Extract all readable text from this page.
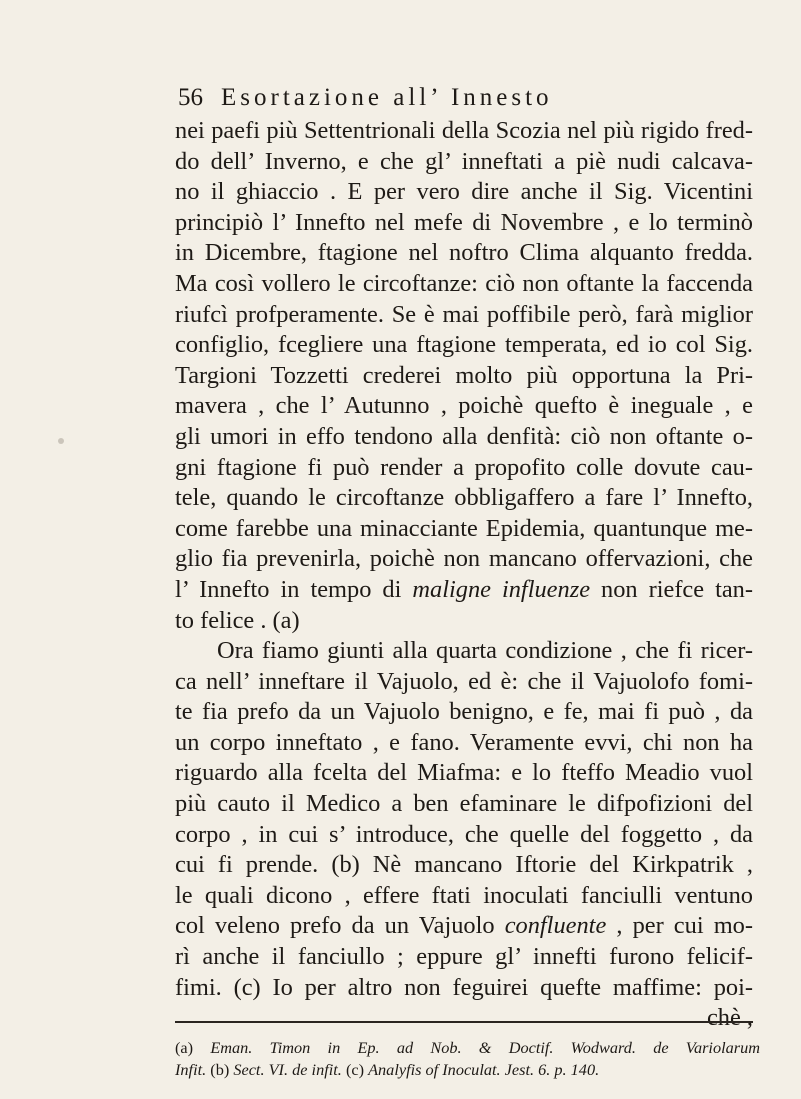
56 Esortazione all’ Innesto
nei paefi più Settentrionali della Scozia nel più rigido fred-
do dell’ Inverno, e che gl’ inneftati a piè nudi calcava-
no il ghiaccio . E per vero dire anche il Sig. Vicentini
principiò l’ Innefto nel mefe di Novembre , e lo terminò
in Dicembre, ftagione nel noftro Clima alquanto fredda.
Ma così vollero le circoftanze: ciò non oftante la faccenda
riufcì profperamente. Se è mai poffibile però, farà miglior
configlio, fcegliere una ftagione temperata, ed io col Sig.
Targioni Tozzetti crederei molto più opportuna la Pri-
mavera , che l’ Autunno , poichè quefto è ineguale , e
gli umori in effo tendono alla denfità: ciò non oftante o-
gni ftagione fi può render a propofito colle dovute cau-
tele, quando le circoftanze obbligaffero a fare l’ Innefto,
come farebbe una minacciante Epidemia, quantunque me-
glio fia prevenirla, poichè non mancano offervazioni, che
l’ Innefto in tempo di maligne influenze non riefce tan-
to felice . (a)
Ora fiamo giunti alla quarta condizione , che fi ricer-
ca nell’ inneftare il Vajuolo, ed è: che il Vajuolofo fomi-
te fia prefo da un Vajuolo benigno, e fe, mai fi può , da
un corpo inneftato , e fano. Veramente evvi, chi non ha
riguardo alla fcelta del Miafma: e lo fteffo Meadio vuol
più cauto il Medico a ben efaminare le difpofizioni del
corpo , in cui s’ introduce, che quelle del foggetto , da
cui fi prende. (b) Nè mancano Iftorie del Kirkpatrik ,
le quali dicono , effere ftati inoculati fanciulli ventuno
col veleno prefo da un Vajuolo confluente , per cui mo-
rì anche il fanciullo ; eppure gl’ innefti furono felicif-
fimi. (c) Io per altro non feguirei quefte maffime: poi-
chè ,
(a) Eman. Timon in Ep. ad Nob. & Doctif. Wodward. de Variolarum
Infit. (b) Sect. VI. de infit. (c) Analyfis of Inoculat. Jest. 6. p. 140.
